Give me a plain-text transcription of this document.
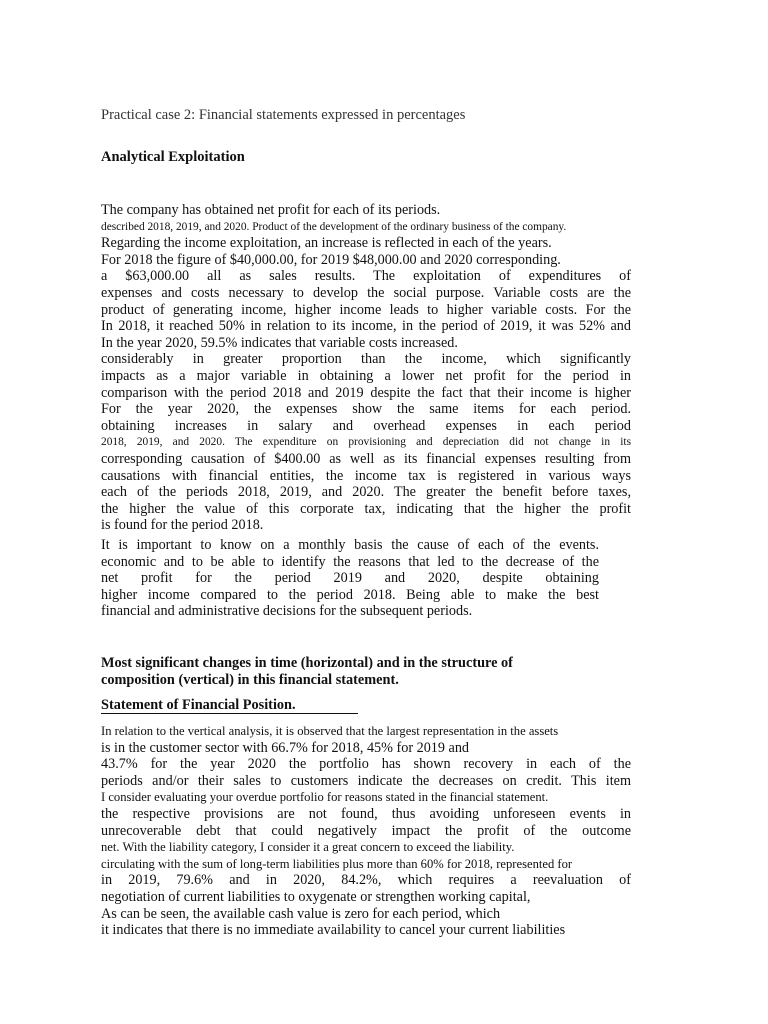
Practical case 2: Financial statements expressed in percentages
Analytical Exploitation
The company has obtained net profit for each of its periods.
described 2018, 2019, and 2020. Product of the development of the ordinary business of the company.
Regarding the income exploitation, an increase is reflected in each of the years.
For 2018 the figure of $40,000.00, for 2019 $48,000.00 and 2020 corresponding.
a $63,000.00 all as sales results. The exploitation of expenditures of
expenses and costs necessary to develop the social purpose. Variable costs are the
product of generating income, higher income leads to higher variable costs. For the
In 2018, it reached 50% in relation to its income, in the period of 2019, it was 52% and
In the year 2020, 59.5% indicates that variable costs increased.
considerably in greater proportion than the income, which significantly
impacts as a major variable in obtaining a lower net profit for the period in
comparison with the period 2018 and 2019 despite the fact that their income is higher
For the year 2020, the expenses show the same items for each period.
obtaining increases in salary and overhead expenses in each period
2018, 2019, and 2020. The expenditure on provisioning and depreciation did not change in its
corresponding causation of $400.00 as well as its financial expenses resulting from
causations with financial entities, the income tax is registered in various ways
each of the periods 2018, 2019, and 2020. The greater the benefit before taxes,
the higher the value of this corporate tax, indicating that the higher the profit
is found for the period 2018.
It is important to know on a monthly basis the cause of each of the events.
economic and to be able to identify the reasons that led to the decrease of the
net profit for the period 2019 and 2020, despite obtaining
higher income compared to the period 2018. Being able to make the best
financial and administrative decisions for the subsequent periods.
Most significant changes in time (horizontal) and in the structure of
composition (vertical) in this financial statement.
Statement of Financial Position.
In relation to the vertical analysis, it is observed that the largest representation in the assets
is in the customer sector with 66.7% for 2018, 45% for 2019 and
43.7% for the year 2020 the portfolio has shown recovery in each of the
periods and/or their sales to customers indicate the decreases on credit. This item
I consider evaluating your overdue portfolio for reasons stated in the financial statement.
the respective provisions are not found, thus avoiding unforeseen events in
unrecoverable debt that could negatively impact the profit of the outcome
net. With the liability category, I consider it a great concern to exceed the liability.
circulating with the sum of long-term liabilities plus more than 60% for 2018, represented for
in 2019, 79.6% and in 2020, 84.2%, which requires a reevaluation of
negotiation of current liabilities to oxygenate or strengthen working capital,
As can be seen, the available cash value is zero for each period, which
it indicates that there is no immediate availability to cancel your current liabilities
